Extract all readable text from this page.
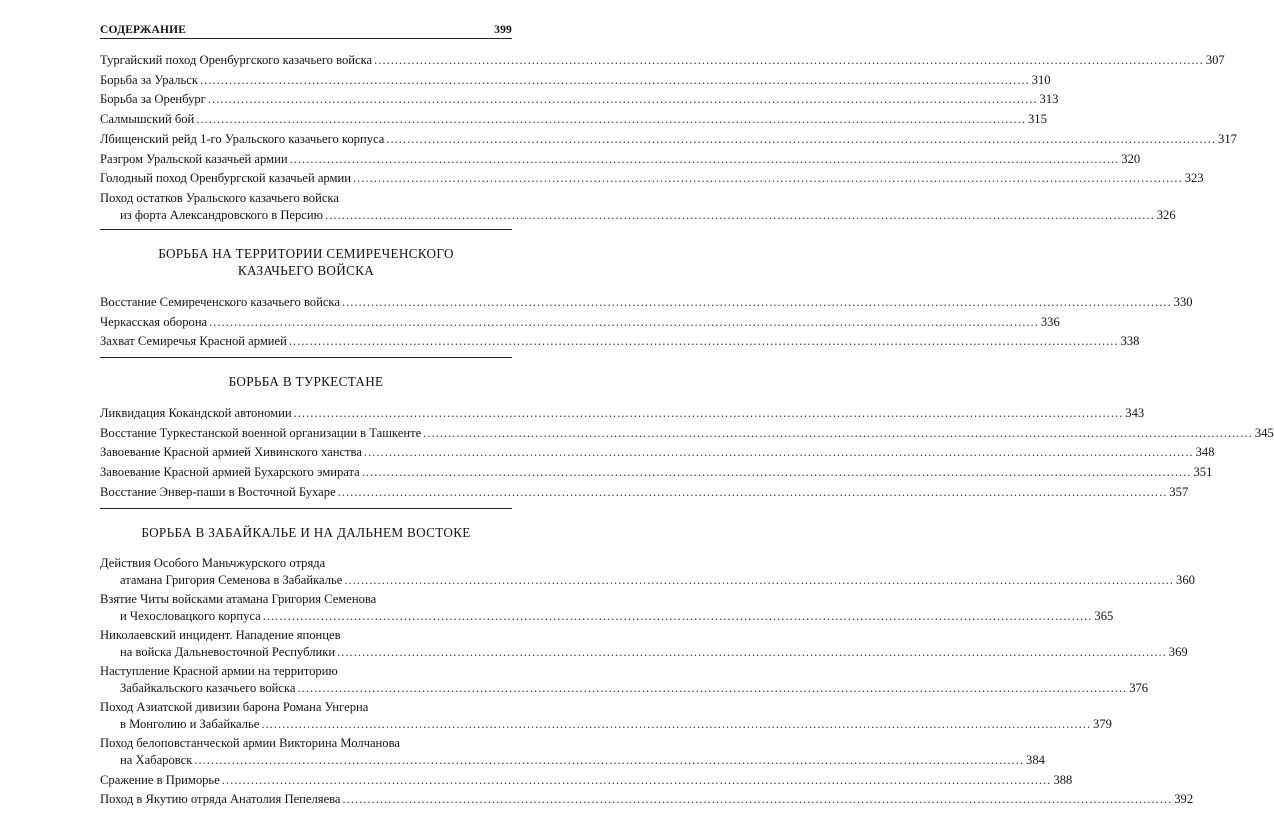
СОДЕРЖАНИЕ	399
Тургайский поход Оренбургского казачьего войска ........................................................................................................................................................................................................ 307
Борьба за Уральск ........................................................................................................................................................................................................ 310
Борьба за Оренбург ........................................................................................................................................................................................................ 313
Салмышский бой ........................................................................................................................................................................................................ 315
Лбищенский рейд 1-го Уральского казачьего корпуса ........................................................................................................................................................................................................ 317
Разгром Уральской казачьей армии ........................................................................................................................................................................................................ 320
Голодный поход Оренбургской казачьей армии ........................................................................................................................................................................................................ 323
Поход остатков Уральского казачьего войска
из форта Александровского в Персию ........................................................................................................................................................................................................ 326
БОРЬБА НА ТЕРРИТОРИИ СЕМИРЕЧЕНСКОГО
КАЗАЧЬЕГО ВОЙСКА
Восстание Семиреченского казачьего войска ........................................................................................................................................................................................................ 330
Черкасская оборона ........................................................................................................................................................................................................ 336
Захват Семиречья Красной армией ........................................................................................................................................................................................................ 338
БОРЬБА В ТУРКЕСТАНЕ
Ликвидация Кокандской автономии ........................................................................................................................................................................................................ 343
Восстание Туркестанской военной организации в Ташкенте ........................................................................................................................................................................................................ 345
Завоевание Красной армией Хивинского ханства ........................................................................................................................................................................................................ 348
Завоевание Красной армией Бухарского эмирата ........................................................................................................................................................................................................ 351
Восстание Энвер-паши в Восточной Бухаре ........................................................................................................................................................................................................ 357
БОРЬБА В ЗАБАЙКАЛЬЕ И НА ДАЛЬНЕМ ВОСТОКЕ
Действия Особого Маньчжурского отряда
атамана Григория Семенова в Забайкалье ........................................................................................................................................................................................................ 360
Взятие Читы войсками атамана Григория Семенова
и Чехословацкого корпуса ........................................................................................................................................................................................................ 365
Николаевский инцидент. Нападение японцев
на войска Дальневосточной Республики ........................................................................................................................................................................................................ 369
Наступление Красной армии на территорию
Забайкальского казачьего войска ........................................................................................................................................................................................................ 376
Поход Азиатской дивизии барона Романа Унгерна
в Монголию и Забайкалье ........................................................................................................................................................................................................ 379
Поход белоповстанческой армии Викторина Молчанова
на Хабаровск ........................................................................................................................................................................................................ 384
Сражение в Приморье ........................................................................................................................................................................................................ 388
Поход в Якутию отряда Анатолия Пепеляева ........................................................................................................................................................................................................ 392
